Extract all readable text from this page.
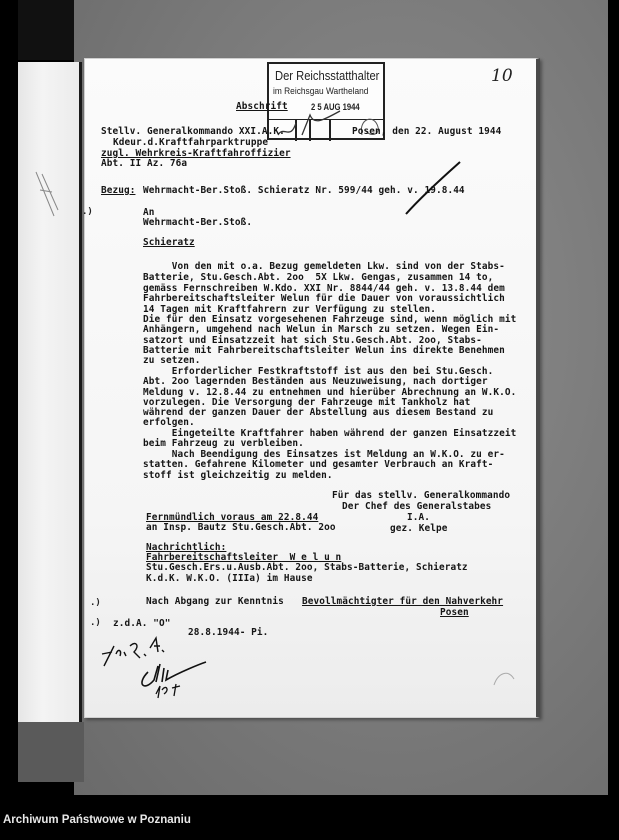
Der Reichsstatthalter
im Reichsgau Wartheland
2 5 AUG 1944
10
Abschrift
Stellv. Generalkommando XXI.A.K.
Kdeur.d.Kraftfahrparktruppe
zugl. Wehrkreis-Kraftfahroffizier
Abt. II Az. 76a
Posen, den 22. August 1944
Bezug: Wehrmacht-Ber.Stoß. Schieratz Nr. 599/44 geh. v. 19.8.44
.)	An
Wehrmacht-Ber.Stoß.
Schieratz
Von den mit o.a. Bezug gemeldeten Lkw. sind von der Stabs-
Batterie, Stu.Gesch.Abt. 2oo  5X Lkw. Gengas, zusammen 14 to,
gemäss Fernschreiben W.Kdo. XXI Nr. 8844/44 geh. v. 13.8.44 dem
Fahrbereitschaftsleiter Welun für die Dauer von voraussichtlich
14 Tagen mit Kraftfahrern zur Verfügung zu stellen.
Die für den Einsatz vorgesehenen Fahrzeuge sind, wenn möglich mit
Anhängern, umgehend nach Welun in Marsch zu setzen. Wegen Ein-
satzort und Einsatzzeit hat sich Stu.Gesch.Abt. 2oo, Stabs-
Batterie mit Fahrbereitschaftsleiter Welun ins direkte Benehmen
zu setzen.
Erforderlicher Festkraftstoff ist aus den bei Stu.Gesch.
Abt. 2oo lagernden Beständen aus Neuzuweisung, nach dortiger
Meldung v. 12.8.44 zu entnehmen und hierüber Abrechnung an W.K.O.
vorzulegen. Die Versorgung der Fahrzeuge mit Tankholz hat
während der ganzen Dauer der Abstellung aus diesem Bestand zu
erfolgen.
Eingeteilte Kraftfahrer haben während der ganzen Einsatzzeit
beim Fahrzeug zu verbleiben.
Nach Beendigung des Einsatzes ist Meldung an W.K.O. zu er-
statten. Gefahrene Kilometer und gesamter Verbrauch an Kraft-
stoff ist gleichzeitig zu melden.
Für das stellv. Generalkommando
Der Chef des Generalstabes
I.A.
gez. Kelpe
Fernmündlich voraus am 22.8.44
an Insp. Bautz Stu.Gesch.Abt. 2oo
Nachrichtlich:
Fahrbereitschaftsleiter  W e l u n
Stu.Gesch.Ers.u.Ausb.Abt. 2oo, Stabs-Batterie, Schieratz
K.d.K. W.K.O. (IIIa) im Hause
.)	Nach Abgang zur Kenntnis Bevollmächtigter für den Nahverkehr
Posen
.) z.d.A. "O"
28.8.1944- Pi.
Archiwum Państwowe w Poznaniu
